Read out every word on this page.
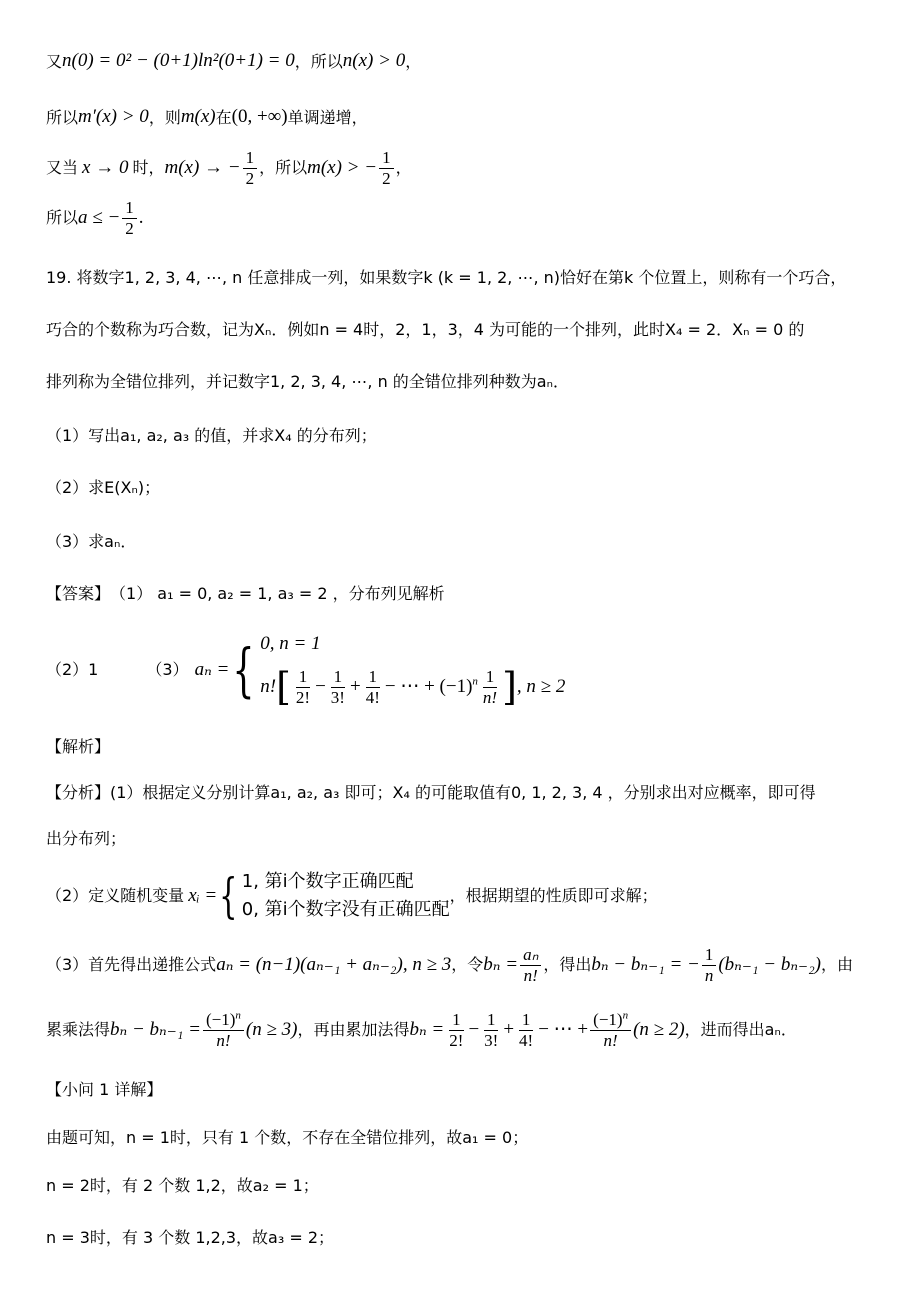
又 n(0) = 0² − (0+1)ln²(0+1) = 0 ，所以 n(x) > 0 ，
所以 m′(x) > 0 ，则 m(x) 在 (0, +∞) 单调递增，
又当 x → 0 时， m(x) → − $\frac{1}{2}$ ，所以 m(x) > − $\frac{1}{2}$ ，
所以 a ≤ − $\frac{1}{2}$ .
19. 将数字1, 2, 3, 4, ⋯, n 任意排成一列，如果数字k (k = 1, 2, ⋯, n)恰好在第k 个位置上，则称有一个巧合，
巧合的个数称为巧合数，记为Xₙ．例如n = 4时，2，1，3，4 为可能的一个排列，此时X₄ = 2．Xₙ = 0 的
排列称为全错位排列，并记数字1, 2, 3, 4, ⋯, n 的全错位排列种数为aₙ．
（1）写出a₁, a₂, a₃ 的值，并求X₄ 的分布列；
（2）求E(Xₙ)；
（3）求aₙ．
【答案】 （1） a₁ = 0, a₂ = 1, a₃ = 2 ，分布列见解析
（2）1	（3） aₙ = { 0, n = 1
n! [ $\frac{1}{2!} - \frac{1}{3!} + \frac{1}{4!}$ − ⋯ + $(-1)^n \frac{1}{n!}$ ] , n ≥ 2
【解析】
【分析】(1）根据定义分别计算a₁, a₂, a₃ 即可；X₄ 的可能取值有0, 1, 2, 3, 4 ，分别求出对应概率，即可得
出分布列；
（2）定义随机变量 xᵢ = { 1, 第i个数字正确匹配
0, 第i个数字没有正确匹配
，根据期望的性质即可求解；
（3）首先得出递推公式 aₙ = (n−1)(aₙ₋₁ + aₙ₋₂), n ≥ 3 ，令 $b_n = \frac{\text{aₙ}}{n!}$ ，得出 bₙ − bₙ₋₁ = − $\frac{1}{n} (b_{n-1} - b_{n-2})$ ，由
累乘法得 $b_n - b_{n-1} = \frac{(-1)^n}{n!} (n \ge 3)$ ，再由累加法得 $b_n = \frac{1}{2!} - \frac{1}{3!} + \frac{1}{4!}$ − ⋯ + $\frac{(-1)^n}{n!} (n \ge 2)$ ，进而得出aₙ．
【小问 1 详解】
由题可知，n = 1时，只有 1 个数，不存在全错位排列，故a₁ = 0；
n = 2时，有 2 个数 1,2，故a₂ = 1；
n = 3时，有 3 个数 1,2,3，故a₃ = 2；
